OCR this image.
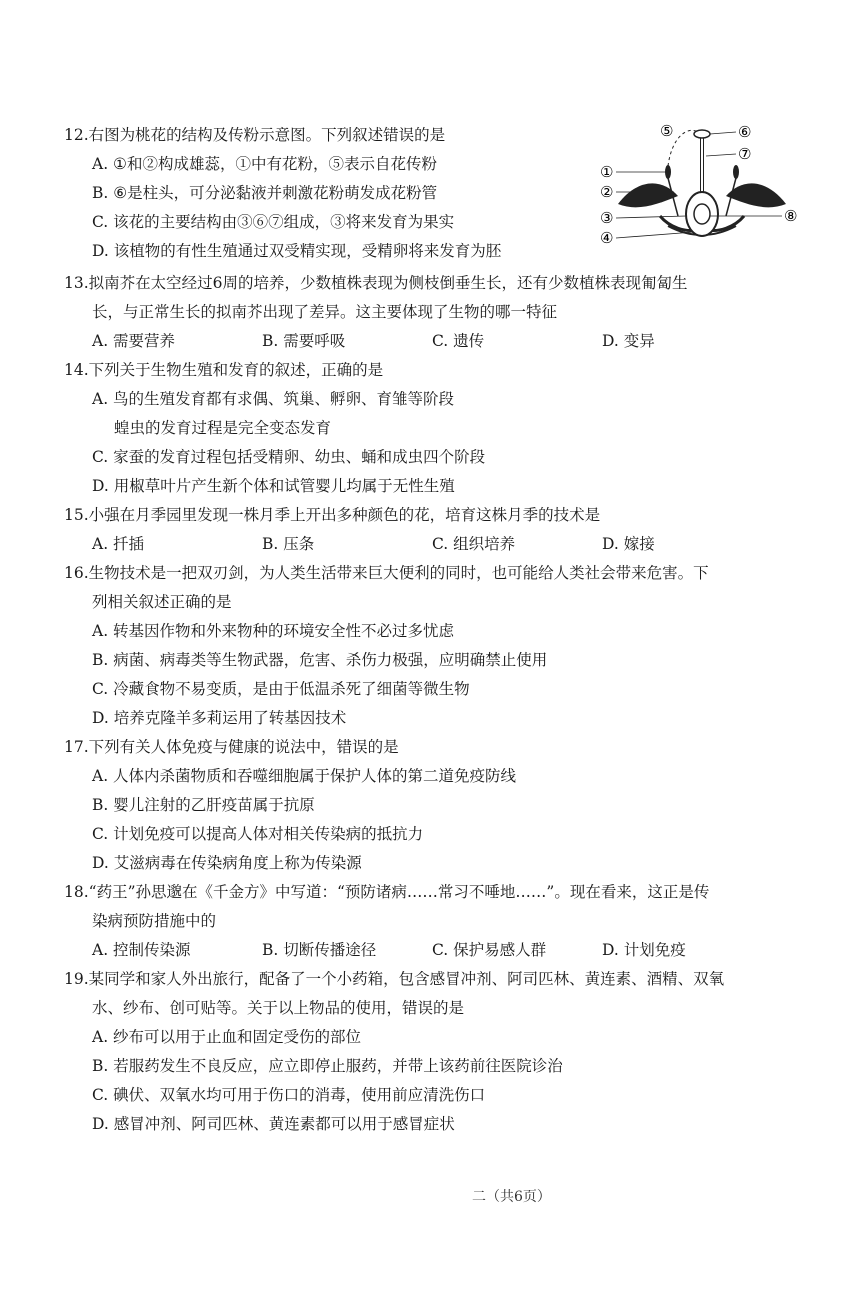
12.右图为桃花的结构及传粉示意图。下列叙述错误的是
A. ①和②构成雄蕊，①中有花粉，⑤表示自花传粉
B. ⑥是柱头，可分泌黏液并刺激花粉萌发成花粉管
C. 该花的主要结构由③⑥⑦组成，③将来发育为果实
D. 该植物的有性生殖通过双受精实现，受精卵将来发育为胚
①
②
③
④
⑤	⑥
⑦
⑧
13.拟南芥在太空经过6周的培养，少数植株表现为侧枝倒垂生长，还有少数植株表现匍匐生
长，与正常生长的拟南芥出现了差异。这主要体现了生物的哪一特征
A. 需要营养	B. 需要呼吸	C. 遗传	D. 变异
14.下列关于生物生殖和发育的叙述，正确的是
A. 鸟的生殖发育都有求偶、筑巢、孵卵、育雏等阶段
蝗虫的发育过程是完全变态发育
C. 家蚕的发育过程包括受精卵、幼虫、蛹和成虫四个阶段
D. 用椒草叶片产生新个体和试管婴儿均属于无性生殖
15.小强在月季园里发现一株月季上开出多种颜色的花，培育这株月季的技术是
A. 扦插	B. 压条	C. 组织培养	D. 嫁接
16.生物技术是一把双刃剑，为人类生活带来巨大便利的同时，也可能给人类社会带来危害。下
列相关叙述正确的是
A. 转基因作物和外来物种的环境安全性不必过多忧虑
B. 病菌、病毒类等生物武器，危害、杀伤力极强，应明确禁止使用
C. 冷藏食物不易变质，是由于低温杀死了细菌等微生物
D. 培养克隆羊多莉运用了转基因技术
17.下列有关人体免疫与健康的说法中，错误的是
A. 人体内杀菌物质和吞噬细胞属于保护人体的第二道免疫防线
B. 婴儿注射的乙肝疫苗属于抗原
C. 计划免疫可以提高人体对相关传染病的抵抗力
D. 艾滋病毒在传染病角度上称为传染源
18.“药王”孙思邈在《千金方》中写道：“预防诸病……常习不唾地……”。现在看来，这正是传
染病预防措施中的
A. 控制传染源	B. 切断传播途径	C. 保护易感人群	D. 计划免疫
19.某同学和家人外出旅行，配备了一个小药箱，包含感冒冲剂、阿司匹林、黄连素、酒精、双氧
水、纱布、创可贴等。关于以上物品的使用，错误的是
A. 纱布可以用于止血和固定受伤的部位
B. 若服药发生不良反应，应立即停止服药，并带上该药前往医院诊治
C. 碘伏、双氧水均可用于伤口的消毒，使用前应清洗伤口
D. 感冒冲剂、阿司匹林、黄连素都可以用于感冒症状
二（共6页）
